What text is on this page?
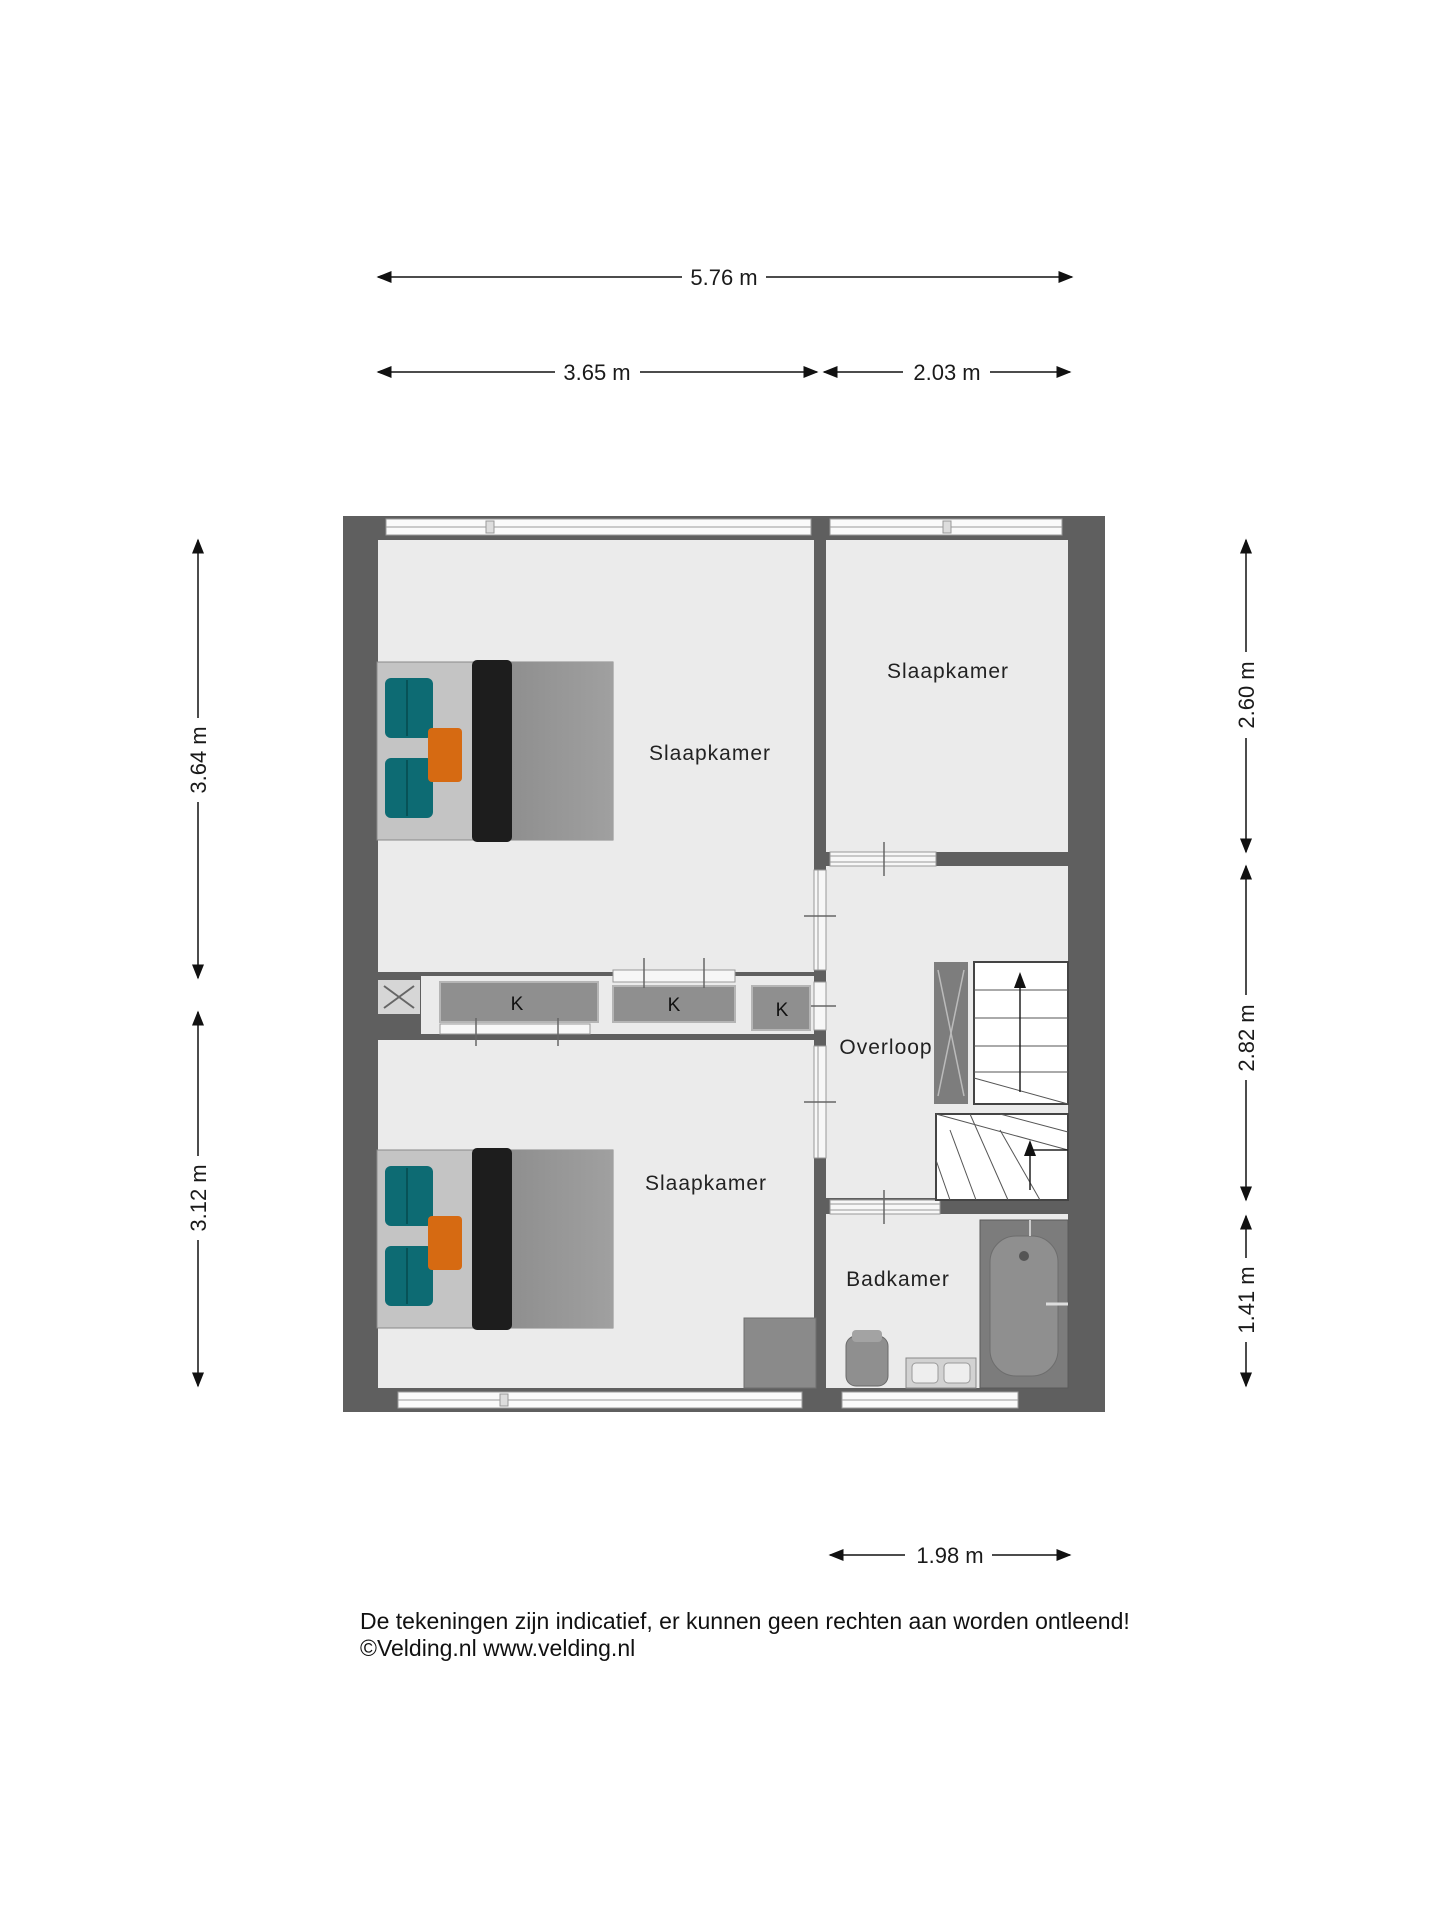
5.76 m
3.65 m	2.03 m
3.64 m
3.12 m
2.60 m
2.82 m
1.41 m
1.98 m
K	K	K
Slaapkamer
Slaapkamer
Slaapkamer
Overloop
Badkamer
De tekeningen zijn indicatief, er kunnen geen rechten aan worden ontleend!
©Velding.nl www.velding.nl
